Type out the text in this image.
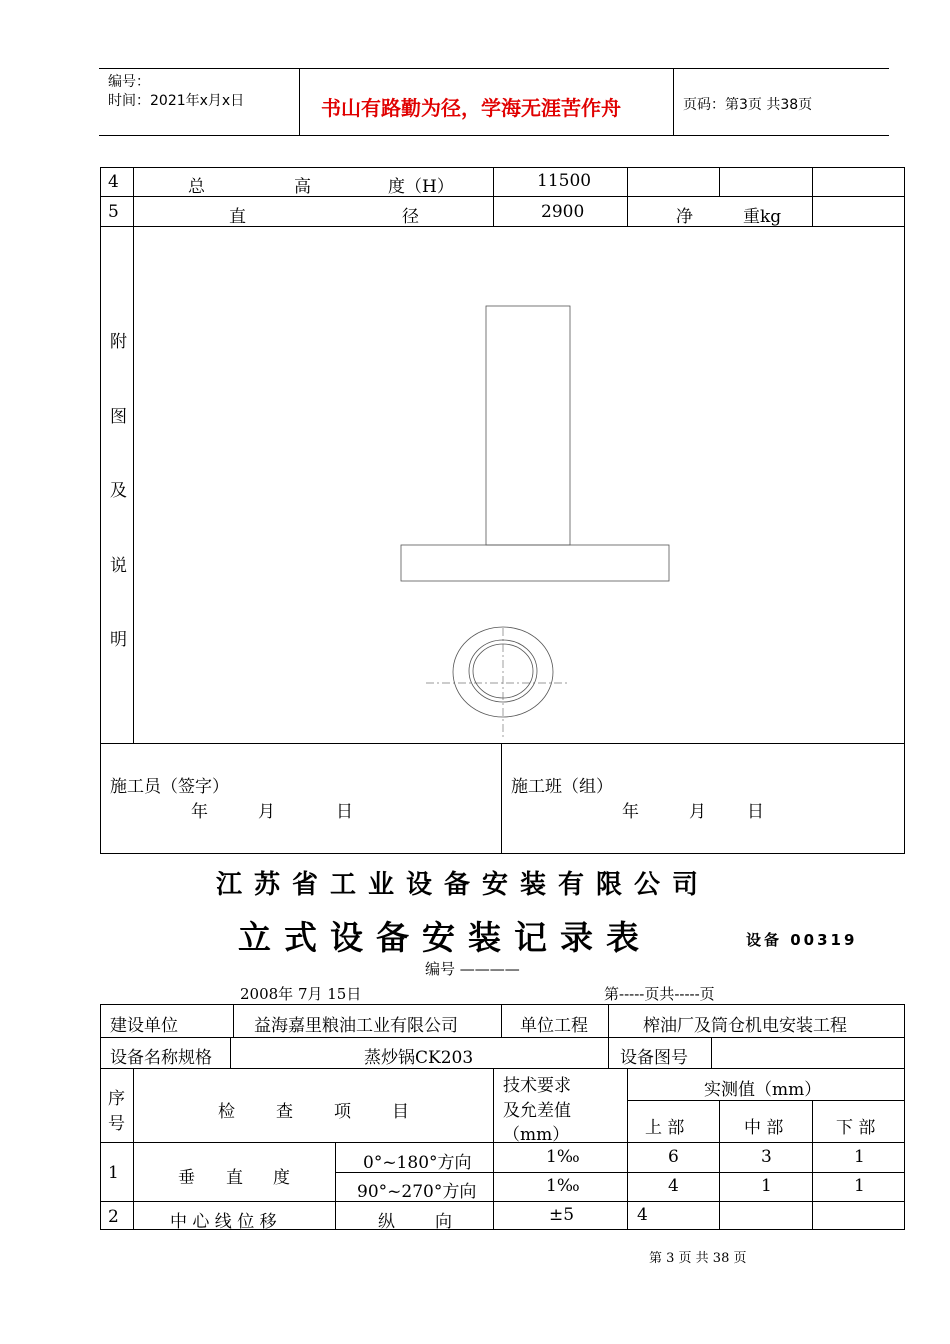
编号：
时间：2021年x月x日	书山有路勤为径，学海无涯苦作舟	页码：第3页 共38页
4	总	高	度（H）	11500
5	直	径	2900	净	重kg
附
图
及
说
明
施工员（签字）
年	月	日
施工班（组）
年	月 日
江苏省工业设备安装有限公司
立式设备安装记录表	设备 00319
编号 ————
2008年 7月 15日	第-----页共-----页
建设单位	益海嘉里粮油工业有限公司	单位工程	榨油厂及筒仓机电安装工程
设备名称规格	蒸炒锅CK203	设备图号
序
号
检 查 项 目
技术要求
及允差值
（mm）
实测值（mm）
上 部	中 部	下 部
1	垂 直 度
0°~180°方向	1‰	6	3	1
90°~270°方向	1‰	4	1	1
2	中 心 线 位 移	纵 向	±5	4
第 3 页 共 38 页
